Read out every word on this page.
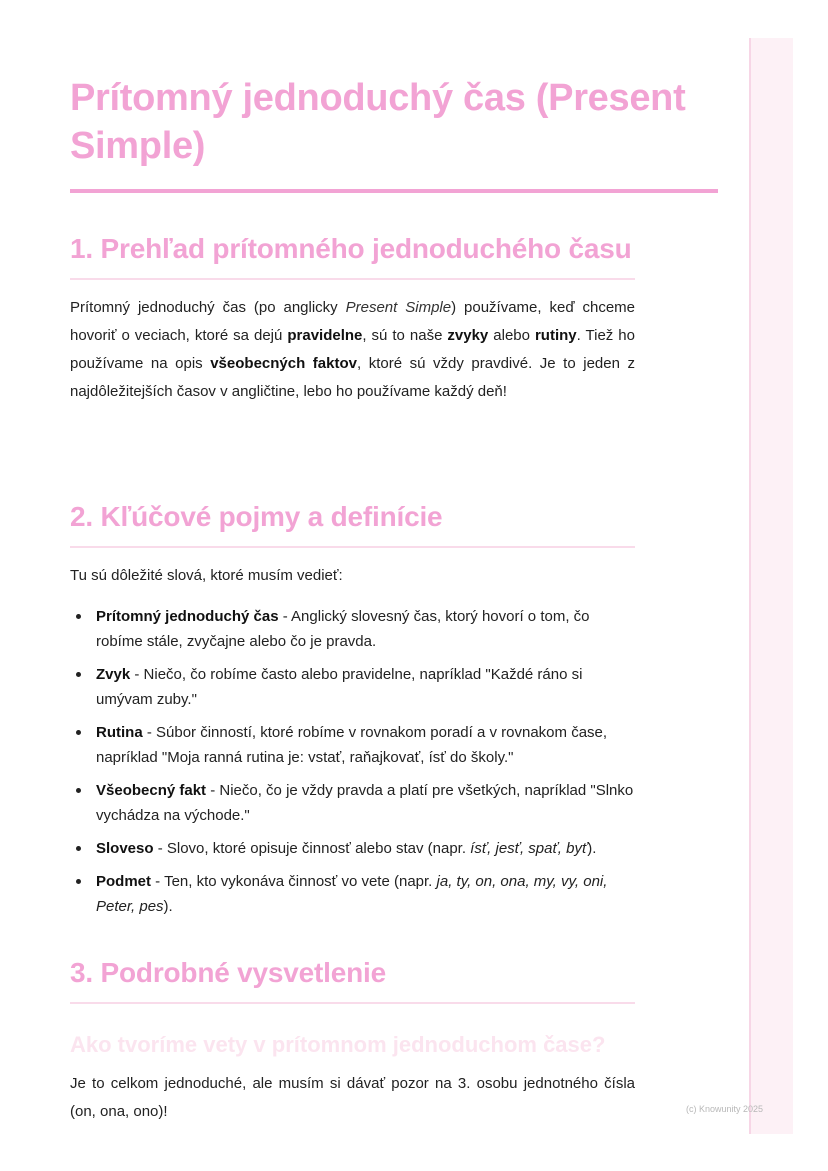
Prítomný jednoduchý čas (Present Simple)
1. Prehľad prítomného jednoduchého času

Prítomný jednoduchý čas (po anglicky Present Simple) používame, keď chceme hovoriť o veciach, ktoré sa dejú pravidelne, sú to naše zvyky alebo rutiny. Tiež ho používame na opis všeobecných faktov, ktoré sú vždy pravdivé. Je to jeden z najdôležitejších časov v angličtine, lebo ho používame každý deň!

2. Kľúčové pojmy a definície

Tu sú dôležité slová, ktoré musím vedieť:

Prítomný jednoduchý čas - Anglický slovesný čas, ktorý hovorí o tom, čo robíme stále, zvyčajne alebo čo je pravda.
Zvyk - Niečo, čo robíme často alebo pravidelne, napríklad "Každé ráno si umývam zuby."
Rutina - Súbor činností, ktoré robíme v rovnakom poradí a v rovnakom čase, napríklad "Moja ranná rutina je: vstať, raňajkovať, ísť do školy."
Všeobecný fakt - Niečo, čo je vždy pravda a platí pre všetkých, napríklad "Slnko vychádza na východe."
Sloveso - Slovo, ktoré opisuje činnosť alebo stav (napr. ísť, jesť, spať, byť).
Podmet - Ten, kto vykonáva činnosť vo vete (napr. ja, ty, on, ona, my, vy, oni, Peter, pes).
3. Podrobné vysvetlenie
Ako tvoríme vety v prítomnom jednoduchom čase?

Je to celkom jednoduché, ale musím si dávať pozor na 3. osobu jednotného čísla (on, ona, ono)!	(c) Knowunity 2025
